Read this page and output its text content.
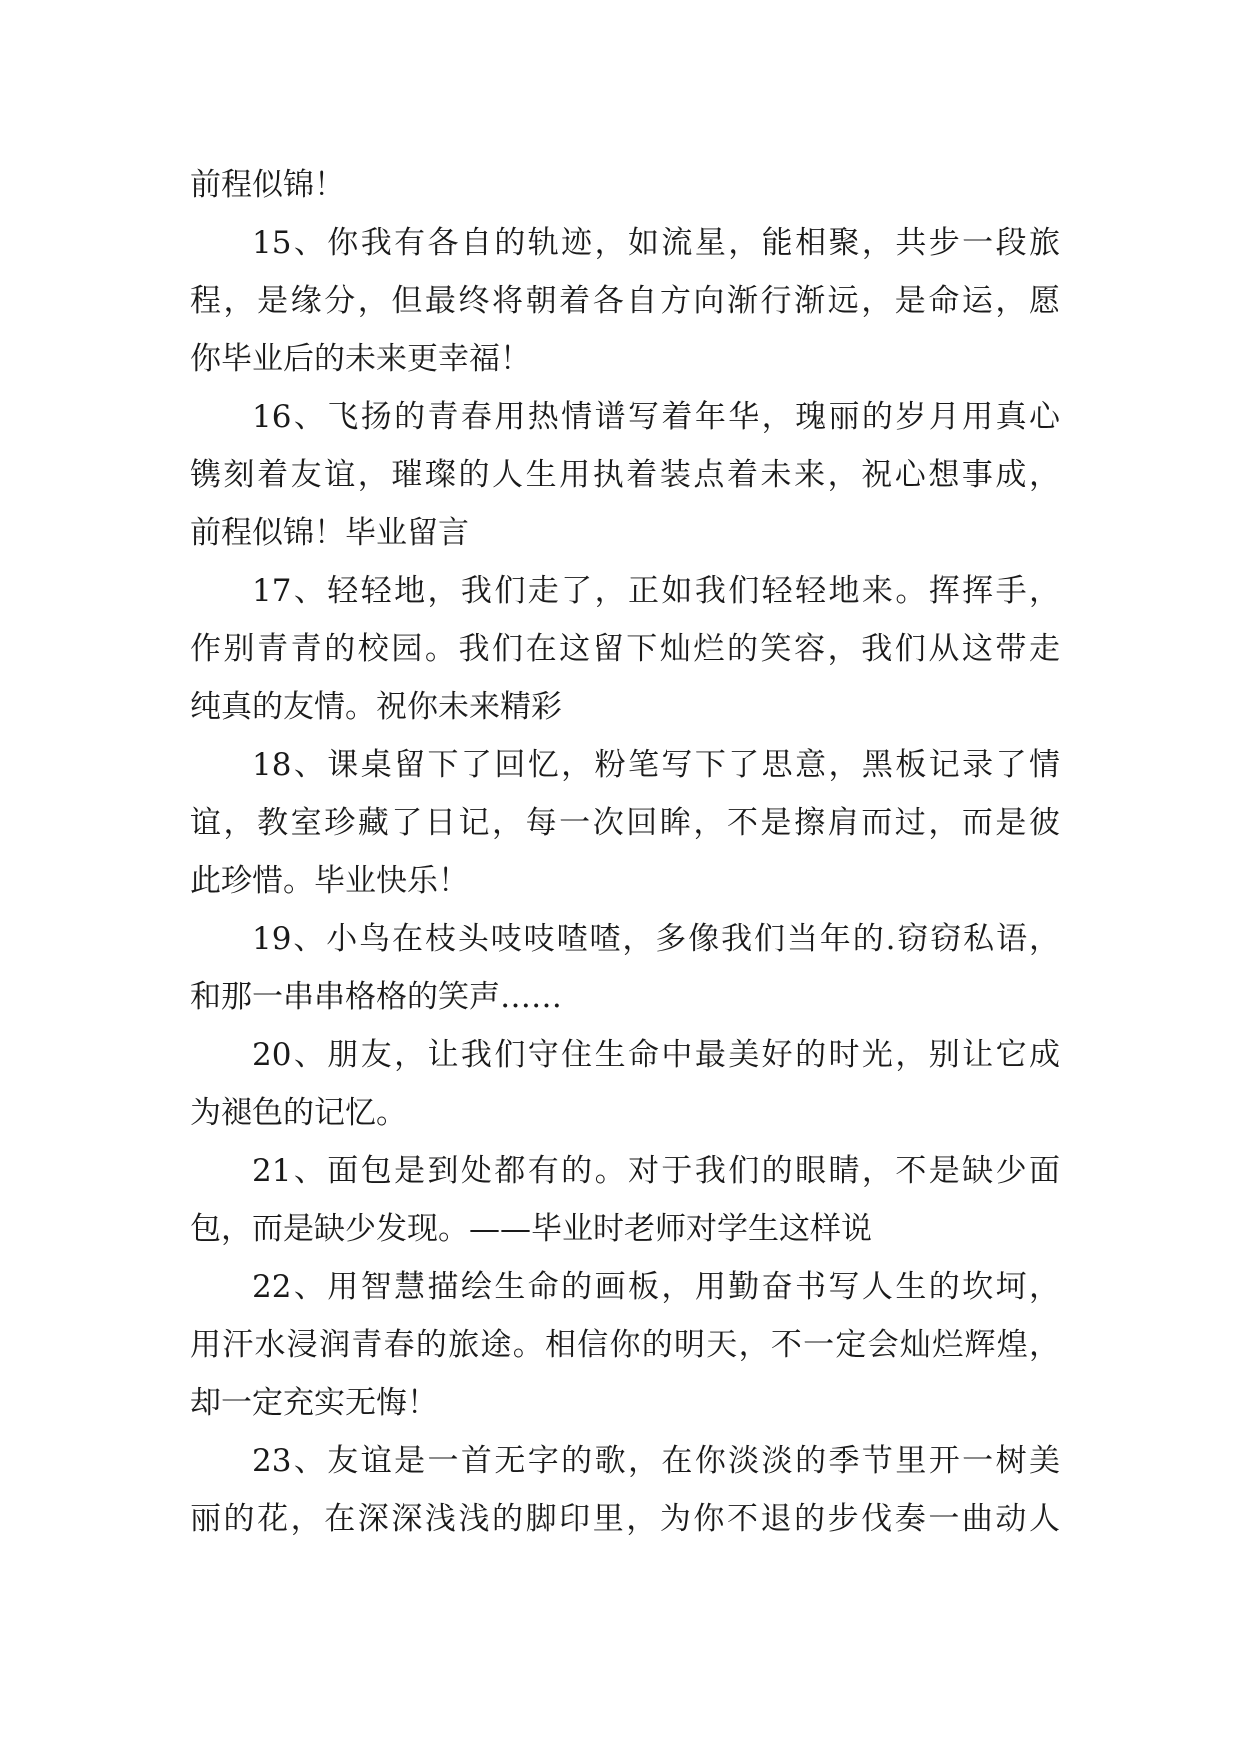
前程似锦！
15、你我有各自的轨迹，如流星，能相聚，共步一段旅
程，是缘分，但最终将朝着各自方向渐行渐远，是命运，愿
你毕业后的未来更幸福！
16、飞扬的青春用热情谱写着年华，瑰丽的岁月用真心
镌刻着友谊，璀璨的人生用执着装点着未来，祝心想事成，
前程似锦！毕业留言
17、轻轻地，我们走了，正如我们轻轻地来。挥挥手，
作别青青的校园。我们在这留下灿烂的笑容，我们从这带走
纯真的友情。祝你未来精彩
18、课桌留下了回忆，粉笔写下了思意，黑板记录了情
谊，教室珍藏了日记，每一次回眸，不是擦肩而过，而是彼
此珍惜。毕业快乐！
19、小鸟在枝头吱吱喳喳，多像我们当年的.窃窃私语，
和那一串串格格的笑声……
20、朋友，让我们守住生命中最美好的时光，别让它成
为褪色的记忆。
21、面包是到处都有的。对于我们的眼睛，不是缺少面
包，而是缺少发现。——毕业时老师对学生这样说
22、用智慧描绘生命的画板，用勤奋书写人生的坎坷，
用汗水浸润青春的旅途。相信你的明天，不一定会灿烂辉煌，
却一定充实无悔！
23、友谊是一首无字的歌，在你淡淡的季节里开一树美
丽的花，在深深浅浅的脚印里，为你不退的步伐奏一曲动人
